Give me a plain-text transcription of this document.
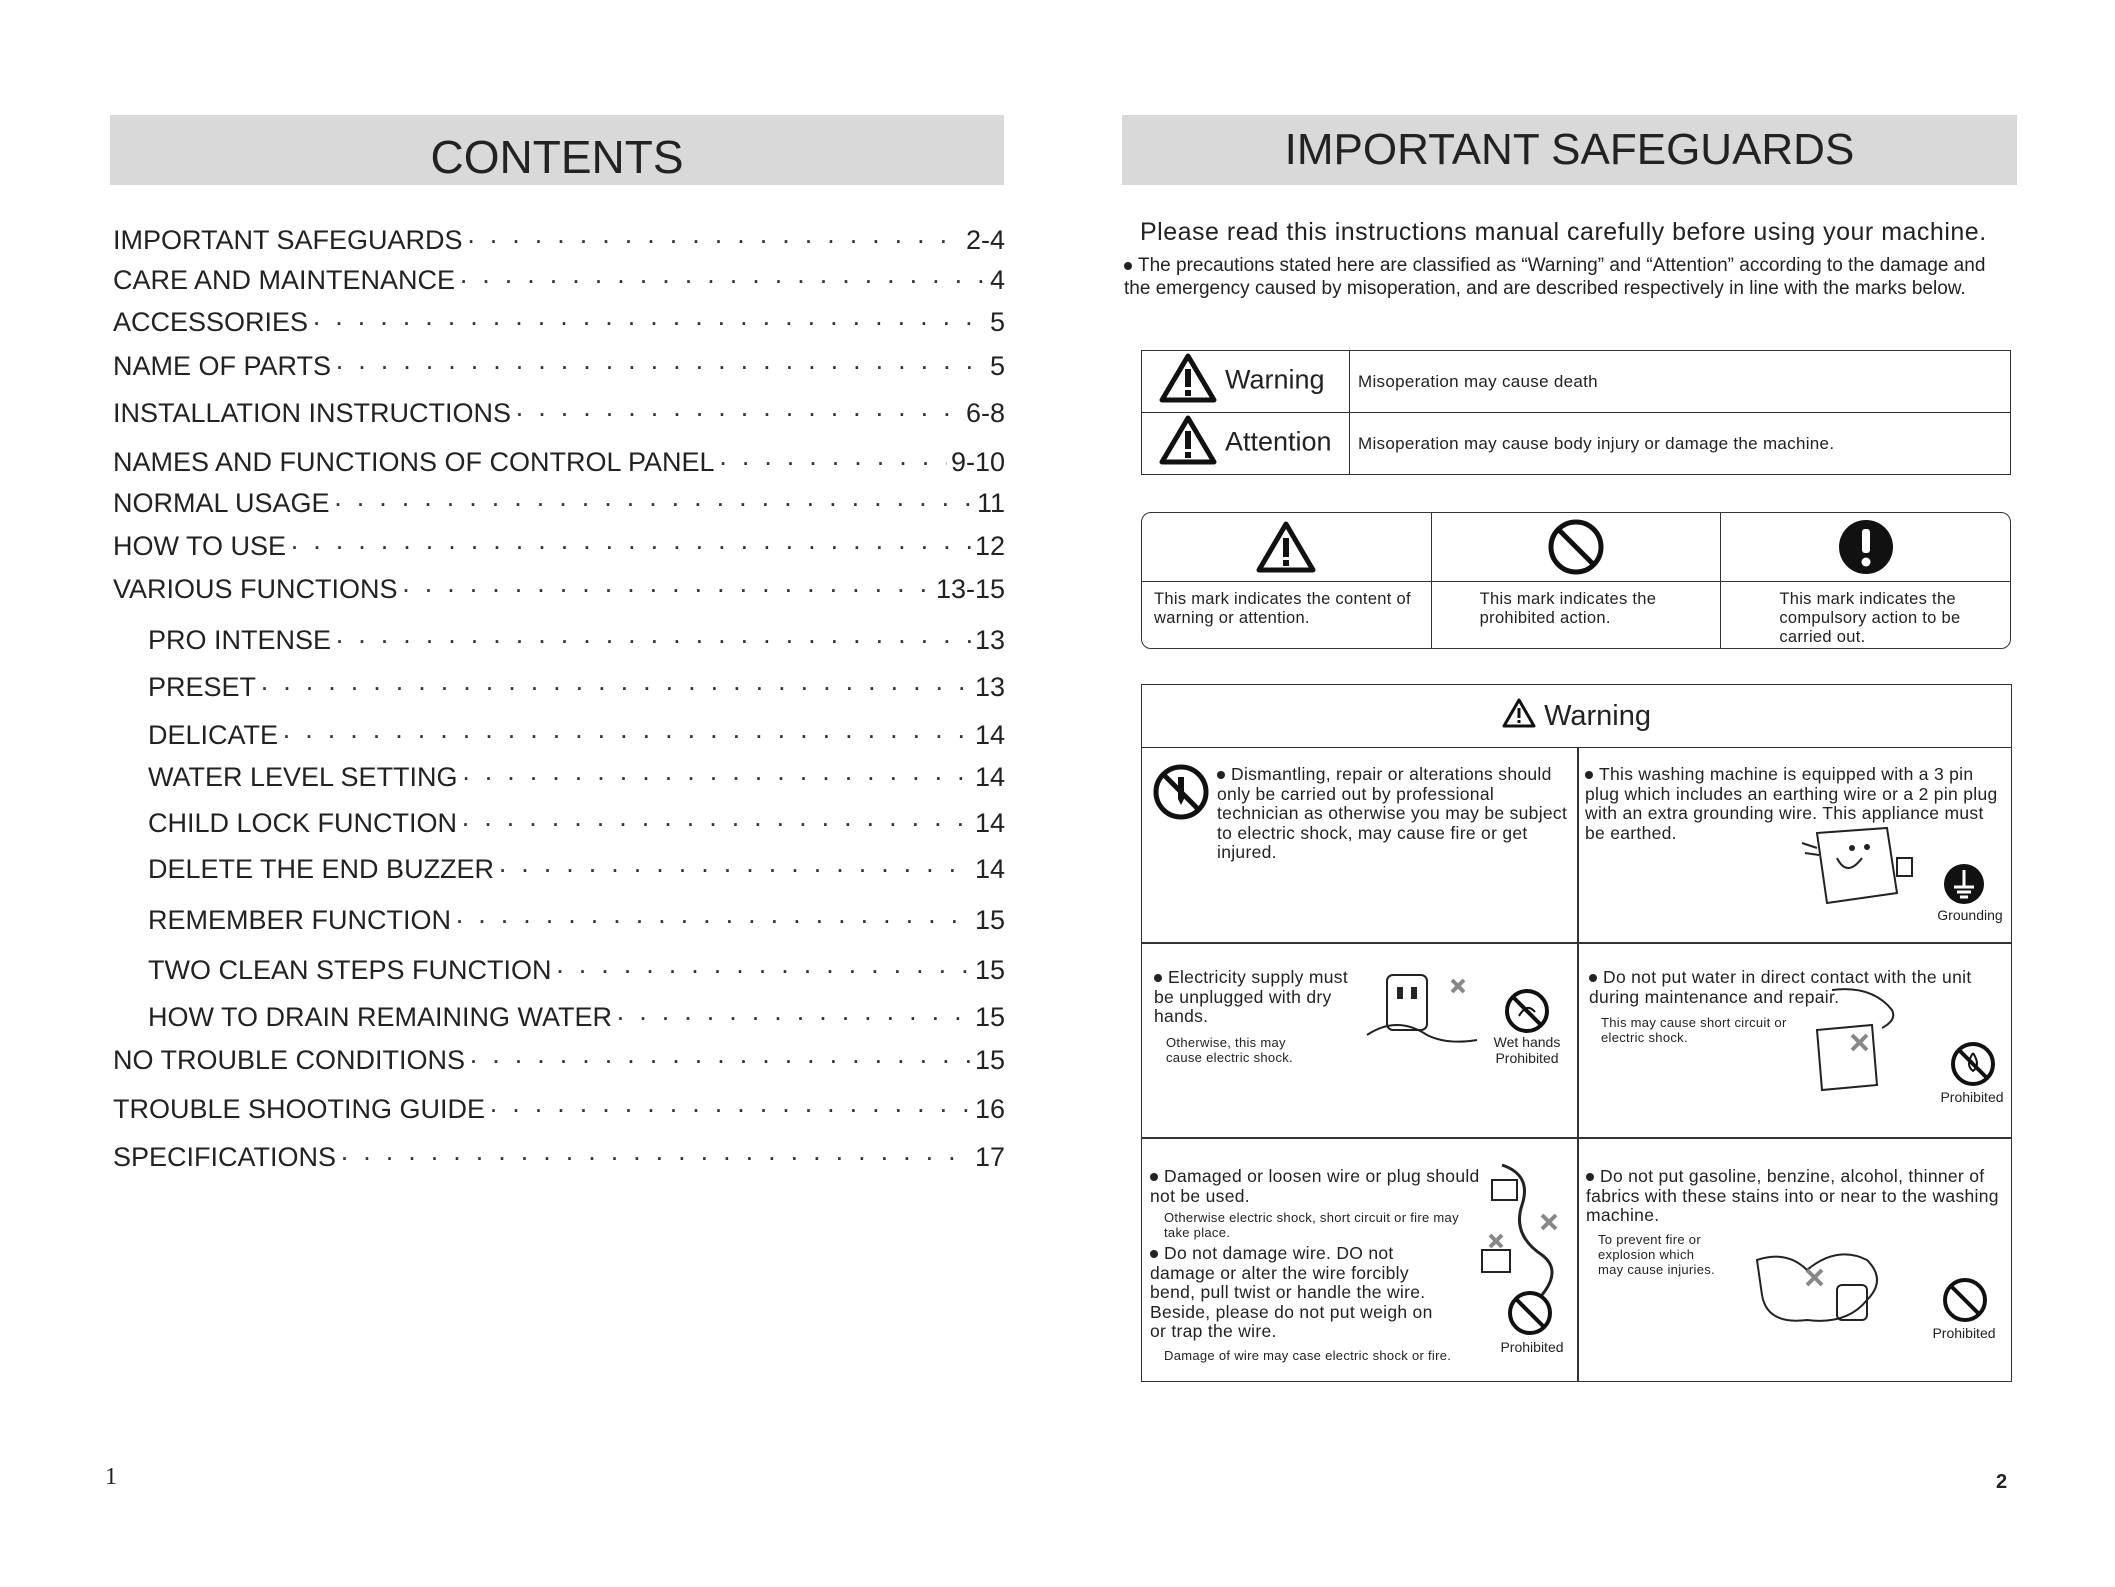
CONTENTS
IMPORTANT SAFEGUARDS · · ·	2-4
CARE AND MAINTENANCE · · ·	4
ACCESSORIES · · ·	5
NAME OF PARTS · · ·	5
INSTALLATION INSTRUCTIONS · · ·	6-8
NAMES AND FUNCTIONS OF CONTROL PANEL · · ·	9-10
NORMAL USAGE · · ·	11
HOW TO USE · · ·	12
VARIOUS FUNCTIONS · · ·	13-15
PRO INTENSE · · ·	13
PRESET · · ·	13
DELICATE · · ·	14
WATER LEVEL SETTING · · ·	14
CHILD LOCK FUNCTION · · ·	14
DELETE THE END BUZZER · · ·	14
REMEMBER FUNCTION · · ·	15
TWO CLEAN STEPS FUNCTION · · ·	15
HOW TO DRAIN REMAINING WATER · · ·	15
NO TROUBLE CONDITIONS · · ·	15
TROUBLE SHOOTING GUIDE · · ·	16
SPECIFICATIONS · · ·	17
1
IMPORTANT SAFEGUARDS
Please read this instructions manual carefully before using your machine.
The precautions stated here are classified as “Warning” and “Attention” according to the damage and the emergency caused by misoperation, and are described respectively in line with the marks below.
Warning	Misoperation may cause death
Attention	Misoperation may cause body injury or damage the machine.
This mark indicates the content of warning or attention.
This mark indicates the prohibited action.
This mark indicates the compulsory action to be carried out.
Warning
Dismantling, repair or alterations should only be carried out by professional technician as otherwise you may be subject to electric shock, may cause fire or get injured.
This washing machine is equipped with a 3 pin plug which includes an earthing wire or a 2 pin plug with an extra grounding wire. This appliance must be earthed.
Grounding
Electricity supply must be unplugged with dry hands.
Otherwise, this may cause electric shock.
Wet hands Prohibited
Do not put water in direct contact with the unit during maintenance and repair.
This may cause short circuit or electric shock.
Prohibited
Damaged or loosen wire or plug should not be used.
Otherwise electric shock, short circuit or fire may take place.
Do not damage wire. DO not damage or alter the wire forcibly bend, pull twist or handle the wire. Beside, please do not put weigh on or trap the wire.
Damage of wire may case electric shock or fire.	Prohibited
Do not put gasoline, benzine, alcohol, thinner of fabrics with these stains into or near to the washing machine.
To prevent fire or explosion which may cause injuries.
Prohibited
2
